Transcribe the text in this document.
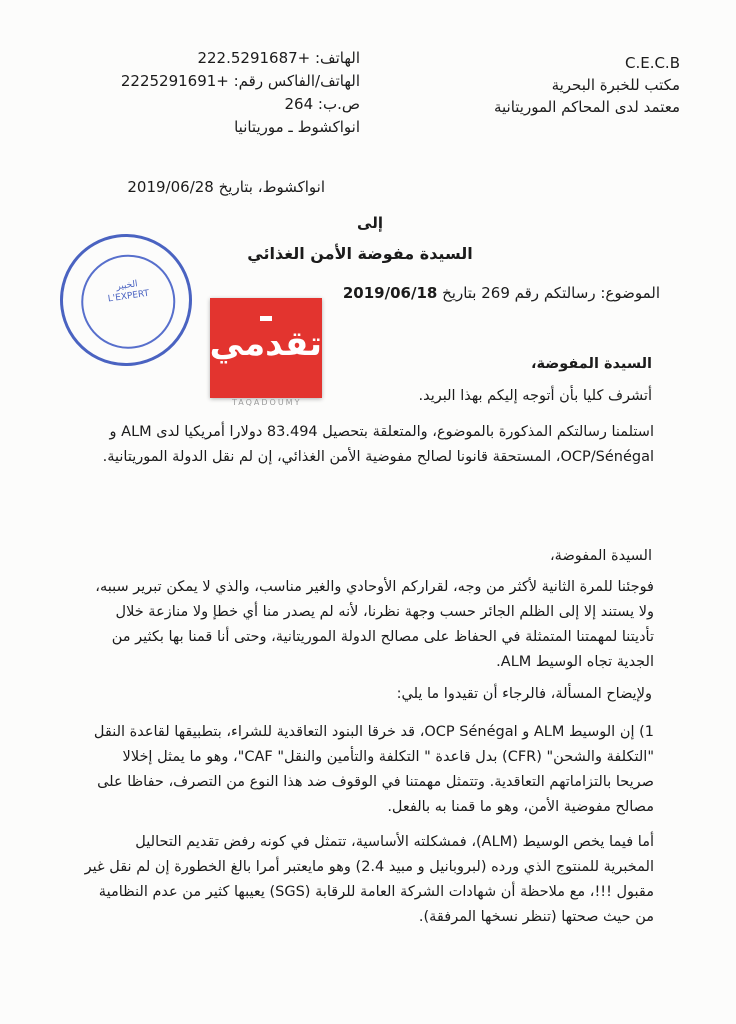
C.E.C.B
مكتب للخبرة البحرية
معتمد لدى المحاكم الموريتانية
الهاتف: +222.5291687
الهاتف/الفاكس رقم: +2225291691
ص.ب: 264
انواكشوط ـ موريتانيا
انواكشوط، بتاريخ 2019/06/28
إلى
السيدة مفوضة الأمن الغذائي
الموضوع: رسالتكم رقم 269 بتاريخ 2019/06/18
الخبير
L'EXPERT
تقدمي
TAQADOUMY
السيدة المفوضة،
أتشرف كليا بأن أتوجه إليكم بهذا البريد.
استلمنا رسالتكم المذكورة بالموضوع، والمتعلقة بتحصيل 83.494 دولارا أمريكيا لدى ALM و OCP/Sénégal، المستحقة قانونا لصالح مفوضية الأمن الغذائي، إن لم نقل الدولة الموريتانية.
السيدة المفوضة،
فوجئنا للمرة الثانية لأكثر من وجه، لقراركم الأوحادي والغير مناسب، والذي لا يمكن تبرير سببه، ولا يستند إلا إلى الظلم الجائر حسب وجهة نظرنا، لأنه لم يصدر منا أي خطإ ولا منازعة خلال تأديتنا لمهمتنا المتمثلة في الحفاظ على مصالح الدولة الموريتانية، وحتى أنا قمنا بها بكثير من الجدية تجاه الوسيط ALM.
ولإيضاح المسألة، فالرجاء أن تقيدوا ما يلي:
1) إن الوسيط ALM و OCP Sénégal، قد خرقا البنود التعاقدية للشراء، بتطبيقها لقاعدة النقل "التكلفة والشحن" (CFR) بدل قاعدة " التكلفة والتأمين والنقل" CAF"، وهو ما يمثل إخلالا صريحا بالتزاماتهم التعاقدية. وتتمثل مهمتنا في الوقوف ضد هذا النوع من التصرف، حفاظا على مصالح مفوضية الأمن، وهو ما قمنا به بالفعل.
أما فيما يخص الوسيط (ALM)، فمشكلته الأساسية، تتمثل في كونه رفض تقديم التحاليل المخبرية للمنتوج الذي ورده (لبروبانيل و مبيد 2.4) وهو مايعتبر أمرا بالغ الخطورة إن لم نقل غير مقبول !!!، مع ملاحظة أن شهادات الشركة العامة للرقابة (SGS) يعيبها كثير من عدم النظامية من حيث صحتها (تنظر نسخها المرفقة).
